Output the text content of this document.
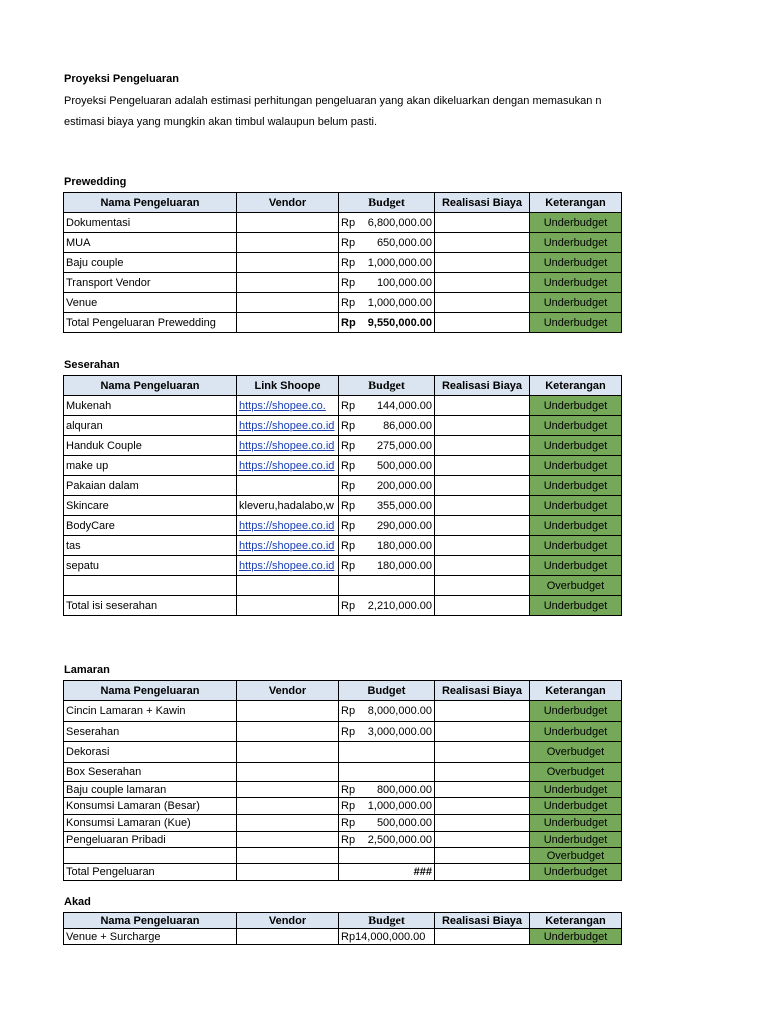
Proyeksi Pengeluaran
Proyeksi Pengeluaran adalah estimasi perhitungan pengeluaran yang akan dikeluarkan dengan memasukan n
estimasi biaya yang mungkin akan timbul walaupun belum pasti.
Prewedding
Nama Pengeluaran	Vendor	Budget	Realisasi Biaya	Keterangan
Dokumentasi		Rp 6,800,000.00		Underbudget
MUA		Rp 650,000.00		Underbudget
Baju couple		Rp 1,000,000.00		Underbudget
Transport Vendor		Rp 100,000.00		Underbudget
Venue		Rp 1,000,000.00		Underbudget
Total Pengeluaran Prewedding		Rp 9,550,000.00		Underbudget
Seserahan
Nama Pengeluaran	Link Shoope	Budget	Realisasi Biaya	Keterangan
Mukenah	https://shopee.co.	Rp 144,000.00		Underbudget
alquran	https://shopee.co.id	Rp 86,000.00		Underbudget
Handuk Couple	https://shopee.co.id	Rp 275,000.00		Underbudget
make up	https://shopee.co.id	Rp 500,000.00		Underbudget
Pakaian dalam		Rp 200,000.00		Underbudget
Skincare	kleveru,hadalabo,w	Rp 355,000.00		Underbudget
BodyCare	https://shopee.co.id	Rp 290,000.00		Underbudget
tas	https://shopee.co.id	Rp 180,000.00		Underbudget
sepatu	https://shopee.co.id	Rp 180,000.00		Underbudget
				Overbudget
Total isi seserahan		Rp 2,210,000.00		Underbudget
Lamaran
Nama Pengeluaran	Vendor	Budget	Realisasi Biaya	Keterangan
Cincin Lamaran + Kawin		Rp 8,000,000.00		Underbudget
Seserahan		Rp 3,000,000.00		Underbudget
Dekorasi				Overbudget
Box Seserahan				Overbudget
Baju couple lamaran		Rp 800,000.00		Underbudget
Konsumsi Lamaran (Besar)		Rp 1,000,000.00		Underbudget
Konsumsi Lamaran (Kue)		Rp 500,000.00		Underbudget
Pengeluaran Pribadi		Rp 2,500,000.00		Underbudget
				Overbudget
Total Pengeluaran		###		Underbudget
Akad
Nama Pengeluaran	Vendor	Budget	Realisasi Biaya	Keterangan
Venue + Surcharge		Rp 14,000,000.00		Underbudget
